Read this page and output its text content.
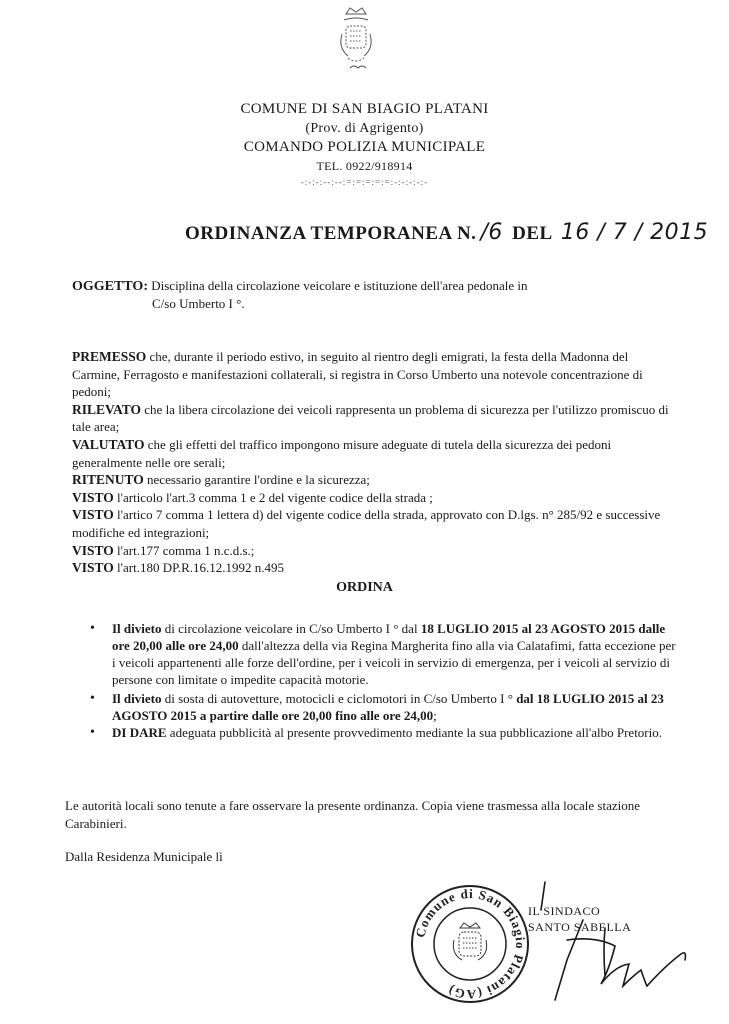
COMUNE DI SAN BIAGIO PLATANI
(Prov. di Agrigento)
COMANDO POLIZIA MUNICIPALE
TEL. 0922/918914
-:-:-:--:--:=:=:=:=:=:-:-:-:-:-
ORDINANZA TEMPORANEA N. /6 DEL 16 / 7 / 2015
OGGETTO: Disciplina della circolazione veicolare e istituzione dell'area pedonale in
C/so Umberto I °.

PREMESSO che, durante il periodo estivo, in seguito al rientro degli emigrati, la festa della Madonna del Carmine, Ferragosto e manifestazioni collaterali, si registra in Corso Umberto una notevole concentrazione di pedoni;

RILEVATO che la libera circolazione dei veicoli rappresenta un problema di sicurezza per l'utilizzo promiscuo di tale area;

VALUTATO che gli effetti del traffico impongono misure adeguate di tutela della sicurezza dei pedoni generalmente nelle ore serali;

RITENUTO necessario garantire l'ordine e la sicurezza;

VISTO l'articolo l'art.3 comma 1 e 2 del vigente codice della strada ;

VISTO l'artico 7 comma 1 lettera d) del vigente codice della strada, approvato con D.lgs. n° 285/92 e successive modifiche ed integrazioni;

VISTO l'art.177 comma 1 n.c.d.s.;

VISTO l'art.180 DP.R.16.12.1992 n.495

ORDINA
• Il divieto di circolazione veicolare in C/so Umberto I ° dal 18 LUGLIO 2015 al 23 AGOSTO 2015 dalle ore 20,00 alle ore 24,00 dall'altezza della via Regina Margherita fino alla via Calatafimi, fatta eccezione per i veicoli appartenenti alle forze dell'ordine, per i veicoli in servizio di emergenza, per i veicoli al servizio di persone con limitate o impedite capacità motorie.
• Il divieto di sosta di autovetture, motocicli e ciclomotori in C/so Umberto I ° dal 18 LUGLIO 2015 al 23 AGOSTO 2015 a partire dalle ore 20,00 fino alle ore 24,00;
• DI DARE adeguata pubblicità al presente provvedimento mediante la sua pubblicazione all'albo Pretorio.
Le autorità locali sono tenute a fare osservare la presente ordinanza. Copia viene trasmessa alla locale stazione Carabinieri.
Dalla Residenza Municipale lì
Comune di San Biagio Platani (AG)
IL SINDACO
SANTO SABELLA
